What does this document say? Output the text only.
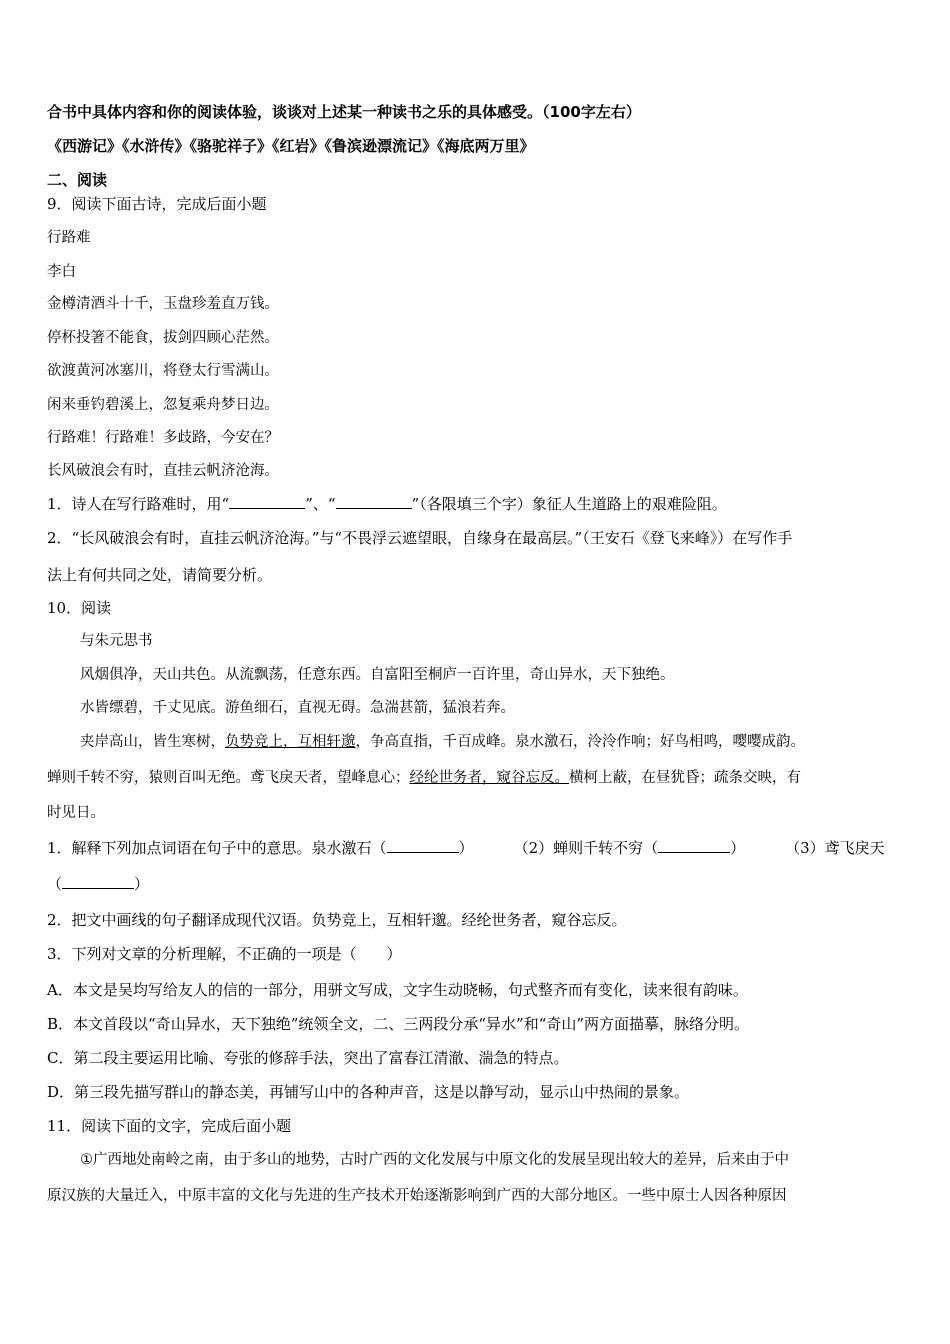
合书中具体内容和你的阅读体验，谈谈对上述某一种读书之乐的具体感受。（100字左右）
《西游记》《水浒传》《骆驼祥子》《红岩》《鲁滨逊漂流记》《海底两万里》
二、阅读
9．阅读下面古诗，完成后面小题
行路难
李白
金樽清酒斗十千，玉盘珍羞直万钱。
停杯投箸不能食，拔剑四顾心茫然。
欲渡黄河冰塞川，将登太行雪满山。
闲来垂钓碧溪上，忽复乘舟梦日边。
行路难！行路难！多歧路，今安在？
长风破浪会有时，直挂云帆济沧海。
1．诗人在写行路难时，用“	”、“	”（各限填三个字）象征人生道路上的艰难险阻。
2．“长风破浪会有时，直挂云帆济沧海。”与“不畏浮云遮望眼，自缘身在最高层。”（王安石《登飞来峰》）在写作手
法上有何共同之处，请简要分析。
10．阅读
与朱元思书
风烟俱净，天山共色。从流飘荡，任意东西。自富阳至桐庐一百许里，奇山异水，天下独绝。
水皆缥碧，千丈见底。游鱼细石，直视无碍。急湍甚箭，猛浪若奔。
夹岸高山，皆生寒树，负势竞上，互相轩邈，争高直指，千百成峰。泉水激石，泠泠作响；好鸟相鸣，嘤嘤成韵。
蝉则千转不穷，猿则百叫无绝。鸢飞戾天者，望峰息心；经纶世务者，窥谷忘反。横柯上蔽，在昼犹昏；疏条交映，有
时见日。
1．解释下列加点词语在句子中的意思。泉水激石（	）	（2）蝉则千转不穷（	）	（3）鸢飞戾天
（	）
2．把文中画线的句子翻译成现代汉语。负势竞上，互相轩邈。经纶世务者，窥谷忘反。
3．下列对文章的分析理解，不正确的一项是（　　）
A．本文是吴均写给友人的信的一部分，用骈文写成，文字生动晓畅，句式整齐而有变化，读来很有韵味。
B．本文首段以“奇山异水，天下独绝”统领全文，二、三两段分承“异水”和“奇山”两方面描摹，脉络分明。
C．第二段主要运用比喻、夸张的修辞手法，突出了富春江清澈、湍急的特点。
D．第三段先描写群山的静态美，再铺写山中的各种声音，这是以静写动，显示山中热闹的景象。
11．阅读下面的文字，完成后面小题
①广西地处南岭之南，由于多山的地势，古时广西的文化发展与中原文化的发展呈现出较大的差异，后来由于中
原汉族的大量迁入，中原丰富的文化与先进的生产技术开始逐渐影响到广西的大部分地区。一些中原士人因各种原因
